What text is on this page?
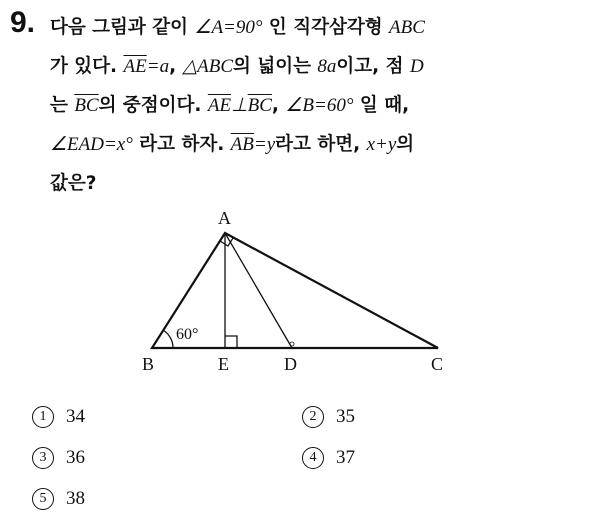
9. 다음 그림과 같이 ∠A=90° 인 직각삼각형 ABC
가 있다. $\overline{AE}=a$, △ABC의 넓이는 8a이고, 점 D
는 $\overline{BC}$의 중점이다. $\overline{AE}\perp\overline{BC}$, ∠B=60° 일 때,
∠EAD=x° 라고 하자. $\overline{AB}=y$라고 하면, x+y의
값은?
A
B	E	D	C
60°
1	34	2	35
3	36	4	37
5	38
